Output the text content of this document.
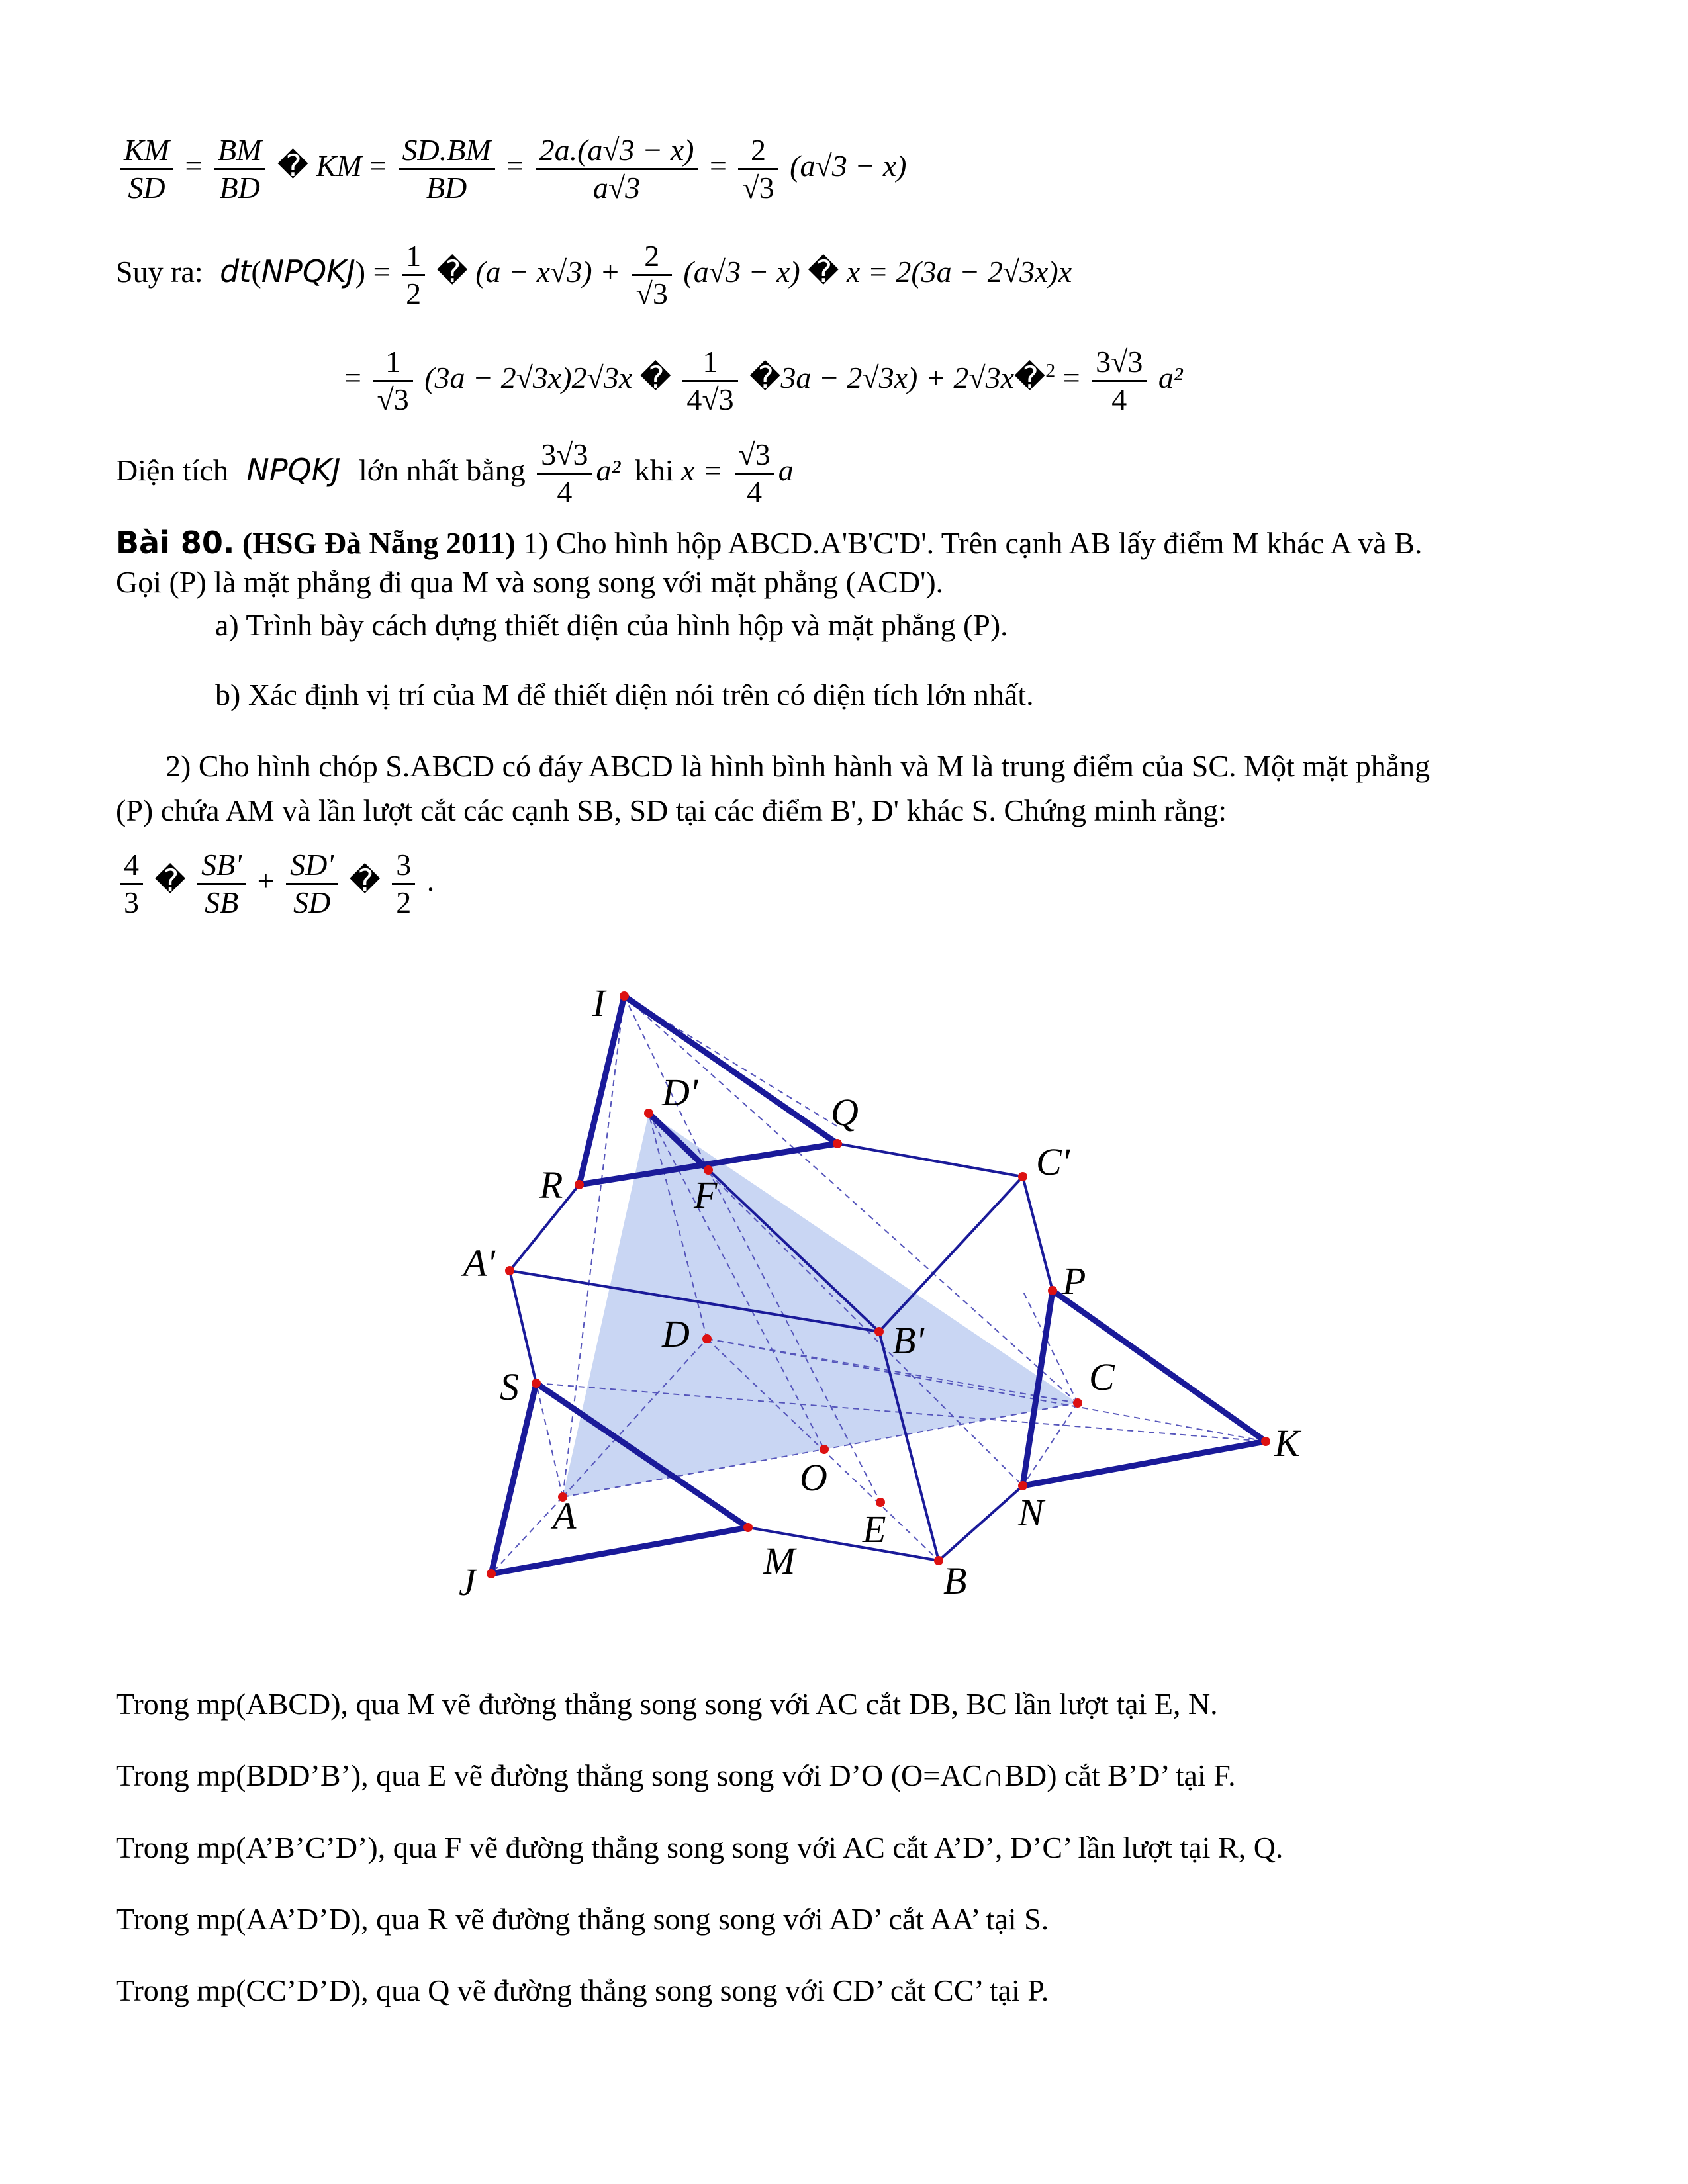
$\frac{KM}{SD} = \frac{BM}{BD}$ � KM = $\frac{SD.BM}{BD} = \frac{2a.(a√3 - x)}{a√3} = \frac{2}{√3} (a√3 - x)$
Suy ra: dt(NPQKJ) = $\frac{1}{2}$ � $(a - x√3) + \frac{2}{√3} (a√3 - x)$ � x = 2(3a − 2√3x)x
= $\frac{1}{√3} (3a - 2√3x)2√3x$ � $\frac{1}{4√3}$ �3a − 2√3x) + 2√3x�$^2$ = $\frac{3√3}{4} a^2$
Diện tích NPQKJ lớn nhất bằng $\frac{3√3}{4} a^2$ khi $x = \frac{√3}{4}$ a
Bài 80. (HSG Đà Nẵng 2011) 1) Cho hình hộp ABCD.A'B'C'D'. Trên cạnh AB lấy điểm M khác A và B.
Gọi (P) là mặt phẳng đi qua M và song song với mặt phẳng (ACD').
a) Trình bày cách dựng thiết diện của hình hộp và mặt phẳng (P).
b) Xác định vị trí của M để thiết diện nói trên có diện tích lớn nhất.
2) Cho hình chóp S.ABCD có đáy ABCD là hình bình hành và M là trung điểm của SC. Một mặt phẳng
(P) chứa AM và lần lượt cắt các cạnh SB, SD tại các điểm B', D' khác S. Chứng minh rằng:
$\frac{4}{3}$ � $\frac{SB'}{SB} + \frac{SD'}{SD}$ � $\frac{3}{2}$ .
I
D'	Q
R	F
C'
A'	P
D	B'
C
S
K
O
A	N
E
J	M	B
Trong mp(ABCD), qua M vẽ đường thẳng song song với AC cắt DB, BC lần lượt tại E, N.
Trong mp(BDD’B’), qua E vẽ đường thẳng song song với D’O (O=AC∩BD) cắt B’D’ tại F.
Trong mp(A’B’C’D’), qua F vẽ đường thẳng song song với AC cắt A’D’, D’C’ lần lượt tại R, Q.
Trong mp(AA’D’D), qua R vẽ đường thẳng song song với AD’ cắt AA’ tại S.
Trong mp(CC’D’D), qua Q vẽ đường thẳng song song với CD’ cắt CC’ tại P.
